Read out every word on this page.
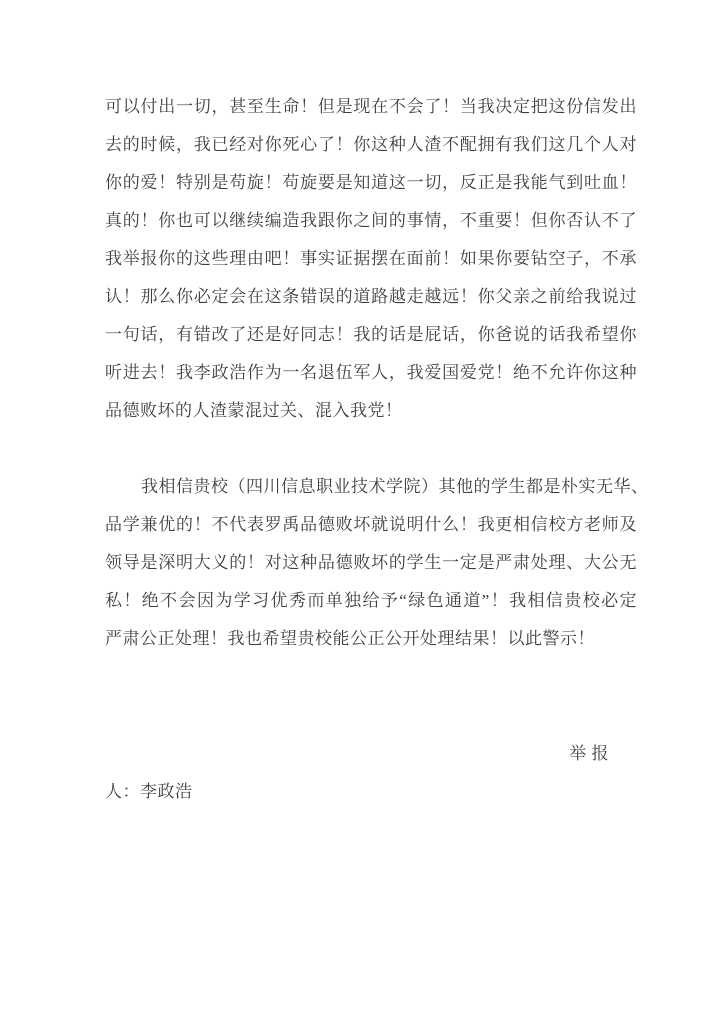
可以付出一切，甚至生命！但是现在不会了！当我决定把这份信发出
去的时候，我已经对你死心了！你这种人渣不配拥有我们这几个人对
你的爱！特别是苟旋！苟旋要是知道这一切，反正是我能气到吐血！
真的！你也可以继续编造我跟你之间的事情，不重要！但你否认不了
我举报你的这些理由吧！事实证据摆在面前！如果你要钻空子，不承
认！那么你必定会在这条错误的道路越走越远！你父亲之前给我说过
一句话，有错改了还是好同志！我的话是屁话，你爸说的话我希望你
听进去！我李政浩作为一名退伍军人，我爱国爱党！绝不允许你这种
品德败坏的人渣蒙混过关、混入我党！
我相信贵校（四川信息职业技术学院）其他的学生都是朴实无华、
品学兼优的！不代表罗禹品德败坏就说明什么！我更相信校方老师及
领导是深明大义的！对这种品德败坏的学生一定是严肃处理、大公无
私！绝不会因为学习优秀而单独给予“绿色通道”！我相信贵校必定
严肃公正处理！我也希望贵校能公正公开处理结果！以此警示！
举 报
人：李政浩
